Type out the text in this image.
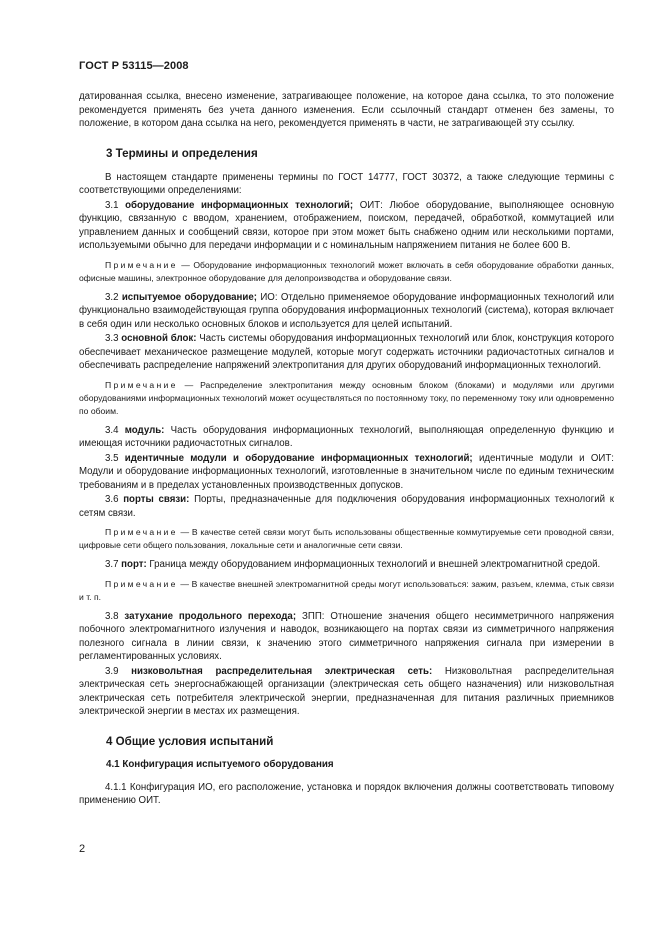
ГОСТ Р 53115—2008

датированная ссылка, внесено изменение, затрагивающее положение, на которое дана ссылка, то это положение рекомендуется применять без учета данного изменения. Если ссылочный стандарт отменен без замены, то положение, в котором дана ссылка на него, рекомендуется применять в части, не затрагивающей эту ссылку.

3 Термины и определения

В настоящем стандарте применены термины по ГОСТ 14777, ГОСТ 30372, а также следующие термины с соответствующими определениями:

3.1 оборудование информационных технологий; ОИТ: Любое оборудование, выполняющее основную функцию, связанную с вводом, хранением, отображением, поиском, передачей, обработкой, коммутацией или управлением данных и сообщений связи, которое при этом может быть снабжено одним или несколькими портами, используемыми обычно для передачи информации и с номинальным напряжением питания не более 600 В.

Примечание — Оборудование информационных технологий может включать в себя оборудование обработки данных, офисные машины, электронное оборудование для делопроизводства и оборудование связи.

3.2 испытуемое оборудование; ИО: Отдельно применяемое оборудование информационных технологий или функционально взаимодействующая группа оборудования информационных технологий (система), которая включает в себя один или несколько основных блоков и используется для целей испытаний.

3.3 основной блок: Часть системы оборудования информационных технологий или блок, конструкция которого обеспечивает механическое размещение модулей, которые могут содержать источники радиочастотных сигналов и обеспечивать распределение напряжений электропитания для других оборудований информационных технологий.

Примечание — Распределение электропитания между основным блоком (блоками) и модулями или другими оборудованиями информационных технологий может осуществляться по постоянному току, по переменному току или одновременно по обоим.

3.4 модуль: Часть оборудования информационных технологий, выполняющая определенную функцию и имеющая источники радиочастотных сигналов.

3.5 идентичные модули и оборудование информационных технологий; идентичные модули и ОИТ: Модули и оборудование информационных технологий, изготовленные в значительном числе по единым техническим требованиям и в пределах установленных производственных допусков.

3.6 порты связи: Порты, предназначенные для подключения оборудования информационных технологий к сетям связи.

Примечание — В качестве сетей связи могут быть использованы общественные коммутируемые сети проводной связи, цифровые сети общего пользования, локальные сети и аналогичные сети связи.

3.7 порт: Граница между оборудованием информационных технологий и внешней электромагнитной средой.

Примечание — В качестве внешней электромагнитной среды могут использоваться: зажим, разъем, клемма, стык связи и т. п.

3.8 затухание продольного перехода; ЗПП: Отношение значения общего несимметричного напряжения побочного электромагнитного излучения и наводок, возникающего на портах связи из симметричного напряжения полезного сигнала в линии связи, к значению этого симметричного напряжения сигнала при измерении в регламентированных условиях.

3.9 низковольтная распределительная электрическая сеть: Низковольтная распределительная электрическая сеть энергоснабжающей организации (электрическая сеть общего назначения) или низковольтная электрическая сеть потребителя электрической энергии, предназначенная для питания различных приемников электрической энергии в местах их размещения.

4 Общие условия испытаний
4.1 Конфигурация испытуемого оборудования

4.1.1 Конфигурация ИО, его расположение, установка и порядок включения должны соответствовать типовому применению ОИТ.

2
